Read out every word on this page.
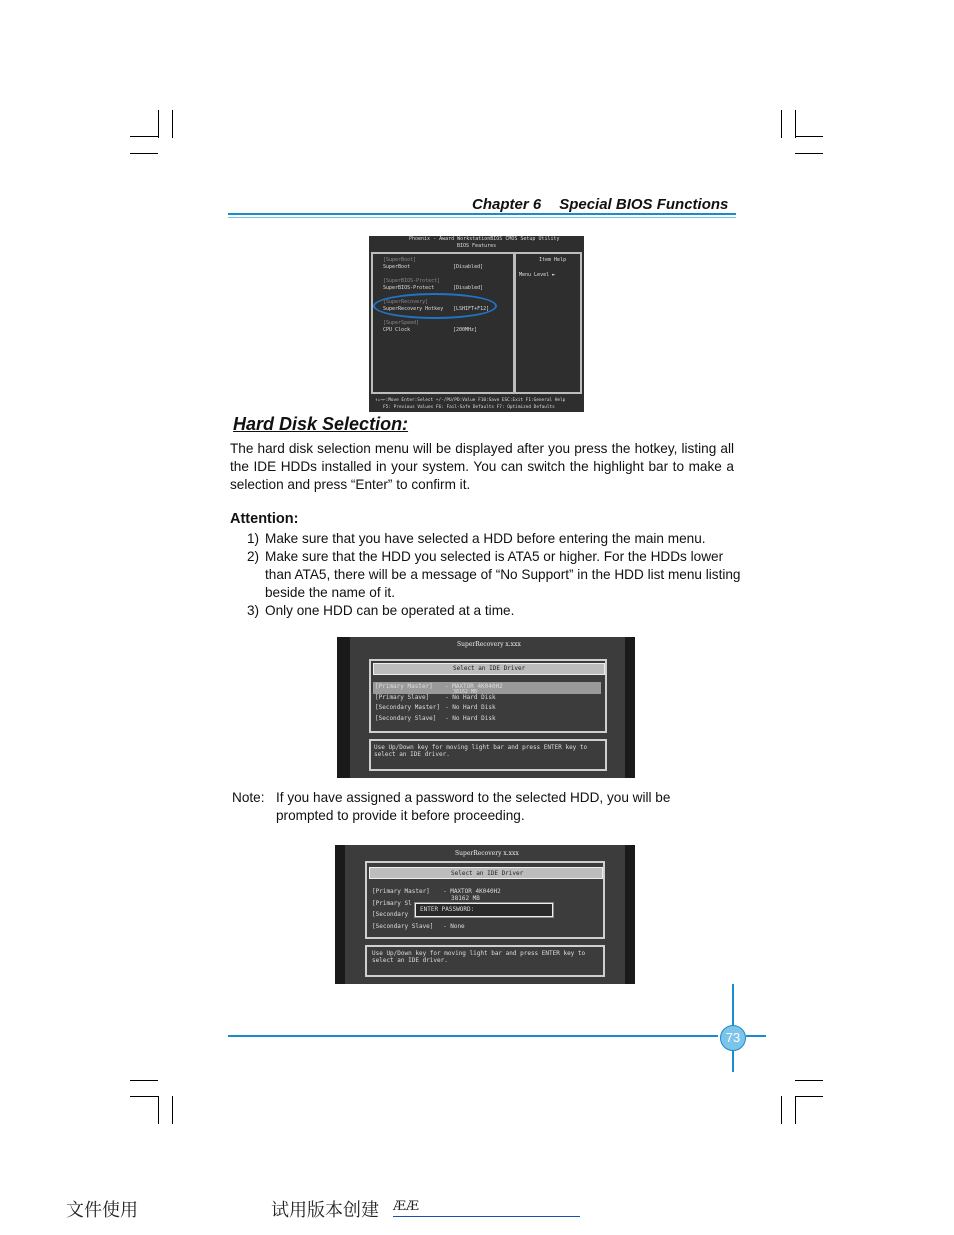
Chapter 6 Special BIOS Functions
Phoenix - Award WorkstationBIOS CMOS Setup Utility
BIOS Features
[SuperBoot]
SuperBoot	[Disabled]
[SuperBIOS-Protect]
SuperBIOS-Protect	[Disabled]
[SuperRecovery]
SuperRecovery Hotkey [LSHIFT+F12]
[SuperSpeed]
CPU Clock	[200MHz]
Item Help
Menu Level ►
↑↓→←:Move Enter:Select +/-/PU/PD:Value F10:Save ESC:Exit F1:General Help
F5: Previous Values F6: Fail-Safe Defaults F7: Optimized Defaults
Hard Disk Selection:
The hard disk selection menu will be displayed after you press the hotkey, listing all the IDE HDDs installed in your system. You can switch the highlight bar to make a selection and press “Enter” to confirm it.
Attention:
1) Make sure that you have selected a HDD before entering the main menu.
2) Make sure that the HDD you selected is ATA5 or higher. For the HDDs lower than ATA5, there will be a message of “No Support” in the HDD list menu listing beside the name of it.
3) Only one HDD can be operated at a time.
SuperRecovery x.xxx
Select an IDE Driver
[Primary Master] - MAXTOR 4K040H2
38162 MB
[Primary Slave]	- No Hard Disk
[Secondary Master] - No Hard Disk
[Secondary Slave] - No Hard Disk
Use Up/Down key for moving light bar and press ENTER key to select an IDE driver.
Note: If you have assigned a password to the selected HDD, you will be prompted to provide it before proceeding.
SuperRecovery x.xxx
Select an IDE Driver
[Primary Master] - MAXTOR 4K040H2
38162 MB
[Primary Sl
[Secondary
[Secondary Slave] - None
ENTER PASSWORD:
Use Up/Down key for moving light bar and press ENTER key to select an IDE driver.
73
文件使用	试用版本创建 ÆÆ
